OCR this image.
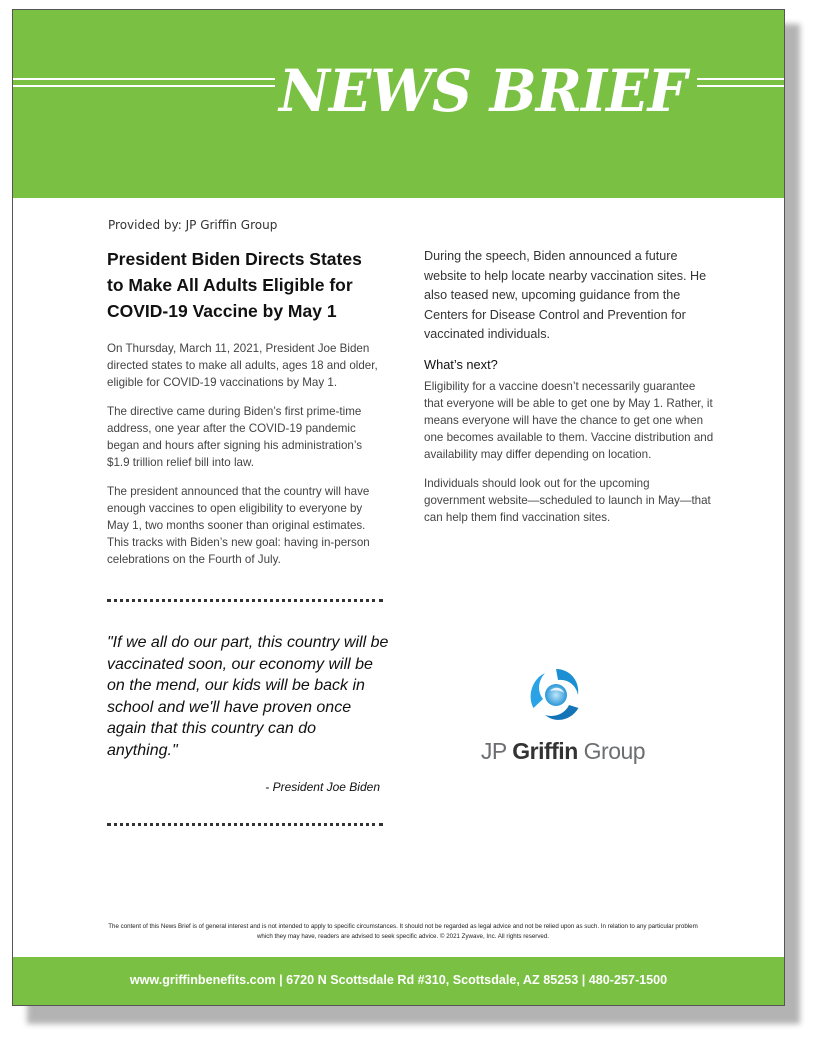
NEWS BRIEF
Provided by: JP Griffin Group
President Biden Directs States to Make All Adults Eligible for COVID-19 Vaccine by May 1

On Thursday, March 11, 2021, President Joe Biden directed states to make all adults, ages 18 and older, eligible for COVID-19 vaccinations by May 1.

The directive came during Biden’s first prime-time address, one year after the COVID-19 pandemic began and hours after signing his administration’s $1.9 trillion relief bill into law.

The president announced that the country will have enough vaccines to open eligibility to everyone by May 1, two months sooner than original estimates. This tracks with Biden’s new goal: having in-person celebrations on the Fourth of July.

During the speech, Biden announced a future website to help locate nearby vaccination sites. He also teased new, upcoming guidance from the Centers for Disease Control and Prevention for vaccinated individuals.

What’s next?

Eligibility for a vaccine doesn’t necessarily guarantee that everyone will be able to get one by May 1. Rather, it means everyone will have the chance to get one when one becomes available to them. Vaccine distribution and availability may differ depending on location.

Individuals should look out for the upcoming government website—scheduled to launch in May—that can help them find vaccination sites.

"If we all do our part, this country will be vaccinated soon, our economy will be on the mend, our kids will be back in school and we'll have proven once again that this country can do anything."
- President Joe Biden
JP Griffin Group
The content of this News Brief is of general interest and is not intended to apply to specific circumstances. It should not be regarded as legal advice and not be relied upon as such. In relation to any particular problem which they may have, readers are advised to seek specific advice. © 2021 Zywave, Inc. All rights reserved.
www.griffinbenefits.com | 6720 N Scottsdale Rd #310, Scottsdale, AZ 85253 | 480-257-1500
